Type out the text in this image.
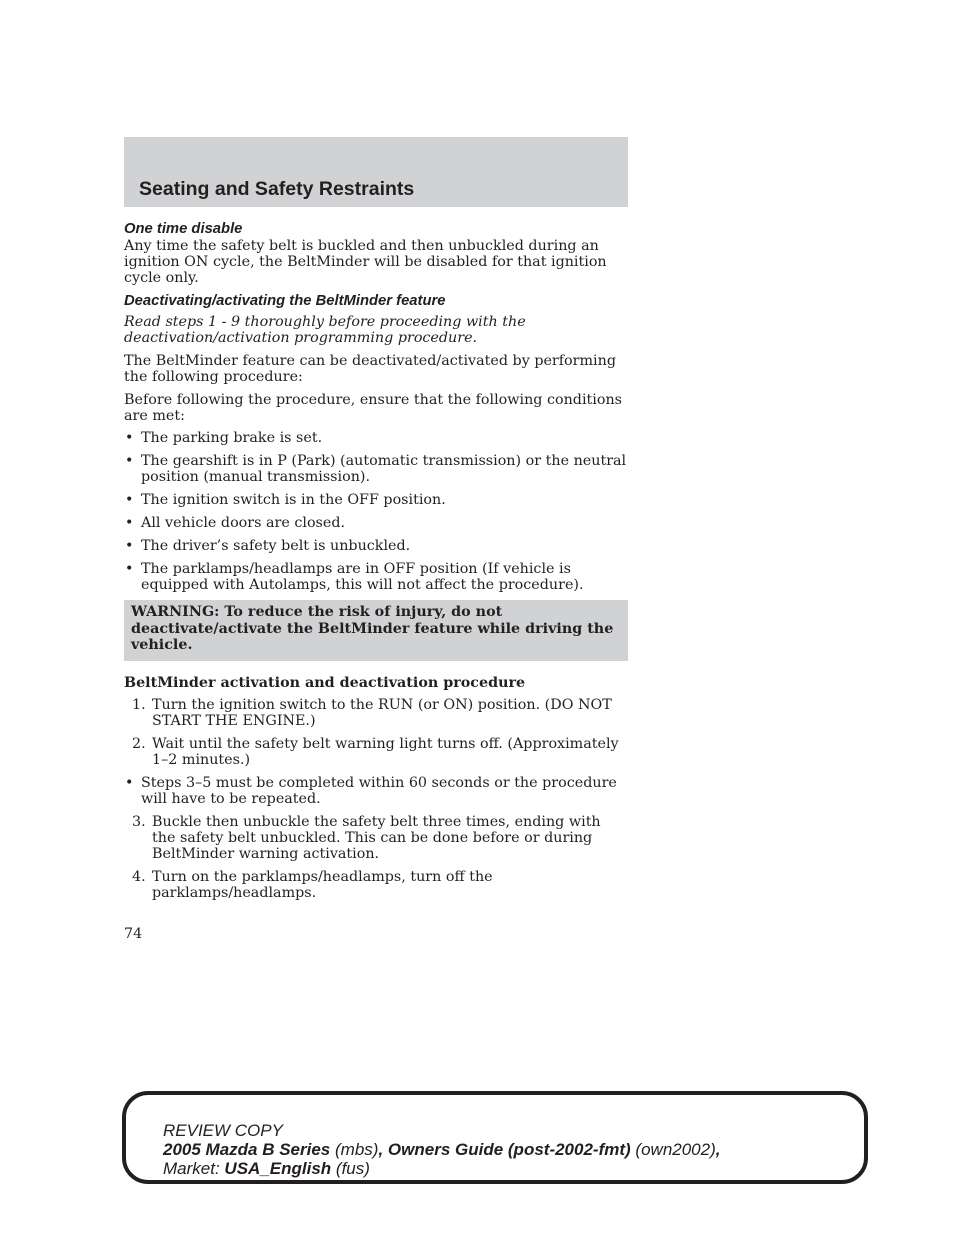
Seating and Safety Restraints
One time disable

Any time the safety belt is buckled and then unbuckled during an ignition ON cycle, the BeltMinder will be disabled for that ignition cycle only.

Deactivating/activating the BeltMinder feature

Read steps 1 - 9 thoroughly before proceeding with the deactivation/activation programming procedure.

The BeltMinder feature can be deactivated/activated by performing the following procedure:

Before following the procedure, ensure that the following conditions are met:

• The parking brake is set.
• The gearshift is in P (Park) (automatic transmission) or the neutral position (manual transmission).
• The ignition switch is in the OFF position.
• All vehicle doors are closed.
• The driver’s safety belt is unbuckled.
• The parklamps/headlamps are in OFF position (If vehicle is equipped with Autolamps, this will not affect the procedure).
WARNING: To reduce the risk of injury, do not deactivate/activate the BeltMinder feature while driving the vehicle.

BeltMinder activation and deactivation procedure

1. Turn the ignition switch to the RUN (or ON) position. (DO NOT START THE ENGINE.)
2. Wait until the safety belt warning light turns off. (Approximately 1–2 minutes.)
• Steps 3–5 must be completed within 60 seconds or the procedure will have to be repeated.
3. Buckle then unbuckle the safety belt three times, ending with the safety belt unbuckled. This can be done before or during BeltMinder warning activation.
4. Turn on the parklamps/headlamps, turn off the parklamps/headlamps.
74
REVIEW COPY
2005 Mazda B Series (mbs), Owners Guide (post-2002-fmt) (own2002),
Market: USA_English (fus)
